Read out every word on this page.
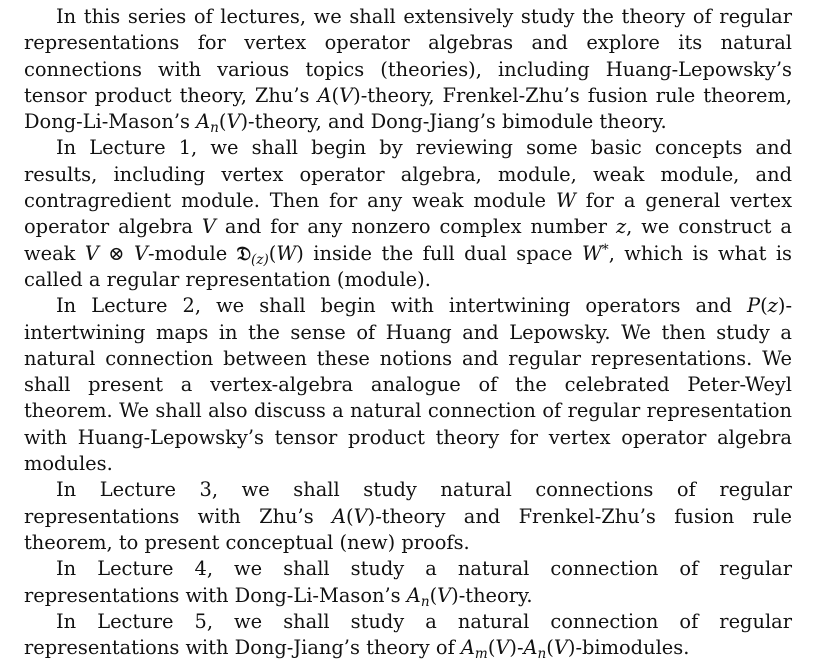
In this series of lectures, we shall extensively study the theory of regular representations for vertex operator algebras and explore its natural connections with various topics (theories), including Huang-Lepowsky’s tensor product theory, Zhu’s A(V)-theory, Frenkel-Zhu’s fusion rule theorem, Dong-Li-Mason’s $A_n(V)$-theory, and Dong-Jiang’s bimodule theory.

In Lecture 1, we shall begin by reviewing some basic concepts and results, including vertex operator algebra, module, weak module, and contragredient module. Then for any weak module W for a general vertex operator algebra V and for any nonzero complex number z, we construct a weak V ⊗ V-module 𝔇$_{(z)}$(W) inside the full dual space W*, which is what is called a regular representation (module).

In Lecture 2, we shall begin with intertwining operators and P(z)-intertwining maps in the sense of Huang and Lepowsky. We then study a natural connection between these notions and regular representations. We shall present a vertex-algebra analogue of the celebrated Peter-Weyl theorem. We shall also discuss a natural connection of regular representation with Huang-Lepowsky’s tensor product theory for vertex operator algebra modules.

In Lecture 3, we shall study natural connections of regular representations with Zhu’s A(V)-theory and Frenkel-Zhu’s fusion rule theorem, to present conceptual (new) proofs.

In Lecture 4, we shall study a natural connection of regular representations with Dong-Li-Mason’s $A_n(V)$-theory.

In Lecture 5, we shall study a natural connection of regular representations with Dong-Jiang’s theory of $A_m(V)-A_n(V)$-bimodules.
